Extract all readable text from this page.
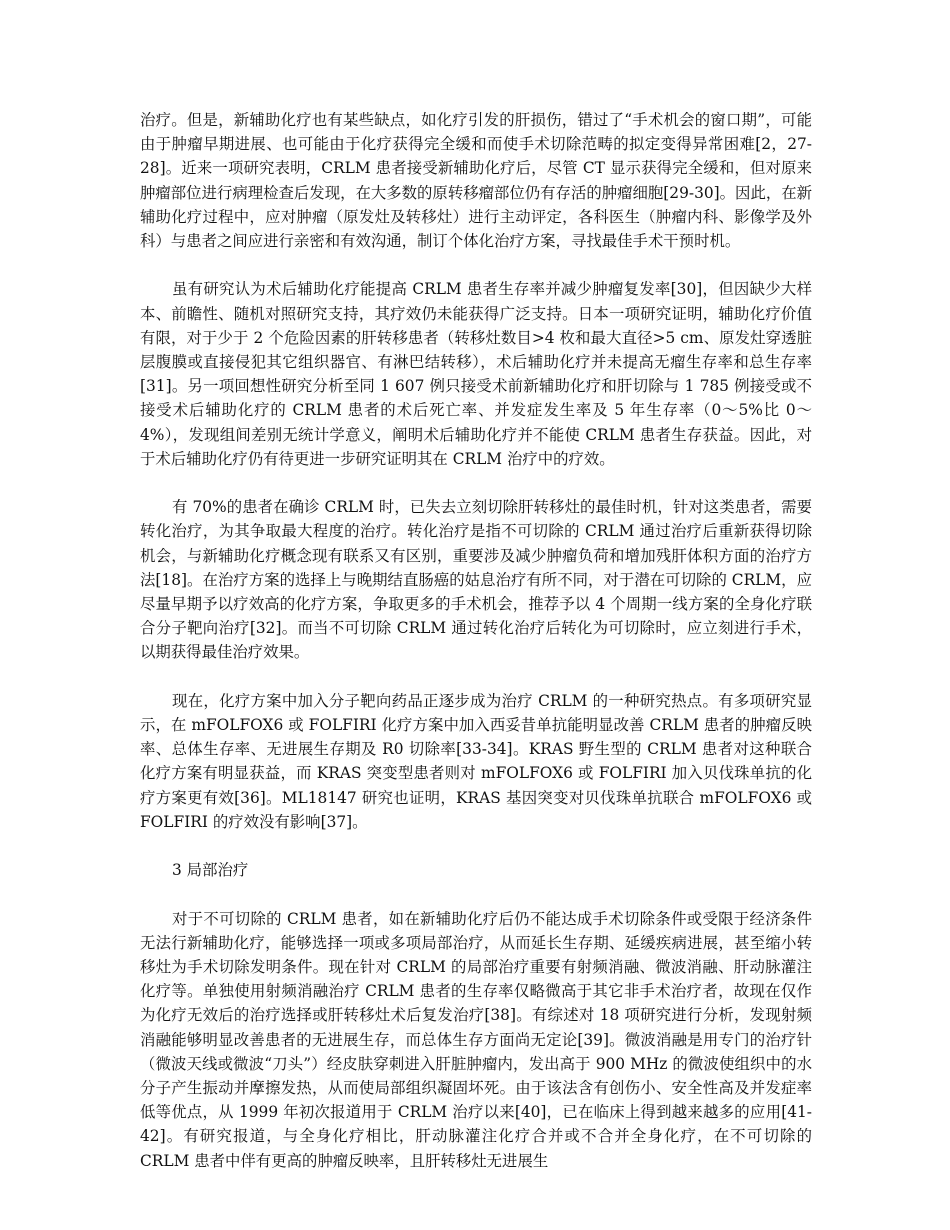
治疗。但是，新辅助化疗也有某些缺点，如化疗引发的肝损伤，错过了“手术机会的窗口期”，可能由于肿瘤早期进展、也可能由于化疗获得完全缓和而使手术切除范畴的拟定变得异常困难[2，27-28]。近来一项研究表明，CRLM 患者接受新辅助化疗后，尽管 CT 显示获得完全缓和，但对原来肿瘤部位进行病理检查后发现，在大多数的原转移瘤部位仍有存活的肿瘤细胞[29-30]。因此，在新辅助化疗过程中，应对肿瘤（原发灶及转移灶）进行主动评定，各科医生（肿瘤内科、影像学及外科）与患者之间应进行亲密和有效沟通，制订个体化治疗方案，寻找最佳手术干预时机。

虽有研究认为术后辅助化疗能提高 CRLM 患者生存率并减少肿瘤复发率[30]，但因缺少大样本、前瞻性、随机对照研究支持，其疗效仍未能获得广泛支持。日本一项研究证明，辅助化疗价值有限，对于少于 2 个危险因素的肝转移患者（转移灶数目>4 枚和最大直径>5 cm、原发灶穿透脏层腹膜或直接侵犯其它组织器官、有淋巴结转移），术后辅助化疗并未提高无瘤生存率和总生存率[31]。另一项回想性研究分析至同 1 607 例只接受术前新辅助化疗和肝切除与 1 785 例接受或不接受术后辅助化疗的 CRLM 患者的术后死亡率、并发症发生率及 5 年生存率（0～5%比 0～4%），发现组间差别无统计学意义，阐明术后辅助化疗并不能使 CRLM 患者生存获益。因此，对于术后辅助化疗仍有待更进一步研究证明其在 CRLM 治疗中的疗效。

有 70%的患者在确诊 CRLM 时，已失去立刻切除肝转移灶的最佳时机，针对这类患者，需要转化治疗，为其争取最大程度的治疗。转化治疗是指不可切除的 CRLM 通过治疗后重新获得切除机会，与新辅助化疗概念现有联系又有区别，重要涉及减少肿瘤负荷和增加残肝体积方面的治疗方法[18]。在治疗方案的选择上与晚期结直肠癌的姑息治疗有所不同，对于潜在可切除的 CRLM，应尽量早期予以疗效高的化疗方案，争取更多的手术机会，推荐予以 4 个周期一线方案的全身化疗联合分子靶向治疗[32]。而当不可切除 CRLM 通过转化治疗后转化为可切除时，应立刻进行手术，以期获得最佳治疗效果。

现在，化疗方案中加入分子靶向药品正逐步成为治疗 CRLM 的一种研究热点。有多项研究显示，在 mFOLFOX6 或 FOLFIRI 化疗方案中加入西妥昔单抗能明显改善 CRLM 患者的肿瘤反映率、总体生存率、无进展生存期及 R0 切除率[33-34]。KRAS 野生型的 CRLM 患者对这种联合化疗方案有明显获益，而 KRAS 突变型患者则对 mFOLFOX6 或 FOLFIRI 加入贝伐珠单抗的化疗方案更有效[36]。ML18147 研究也证明，KRAS 基因突变对贝伐珠单抗联合 mFOLFOX6 或 FOLFIRI 的疗效没有影响[37]。

3 局部治疗

对于不可切除的 CRLM 患者，如在新辅助化疗后仍不能达成手术切除条件或受限于经济条件无法行新辅助化疗，能够选择一项或多项局部治疗，从而延长生存期、延缓疾病进展，甚至缩小转移灶为手术切除发明条件。现在针对 CRLM 的局部治疗重要有射频消融、微波消融、肝动脉灌注化疗等。单独使用射频消融治疗 CRLM 患者的生存率仅略微高于其它非手术治疗者，故现在仅作为化疗无效后的治疗选择或肝转移灶术后复发治疗[38]。有综述对 18 项研究进行分析，发现射频消融能够明显改善患者的无进展生存，而总体生存方面尚无定论[39]。微波消融是用专门的治疗针（微波天线或微波“刀头”）经皮肤穿刺进入肝脏肿瘤内，发出高于 900 MHz 的微波使组织中的水分子产生振动并摩擦发热，从而使局部组织凝固坏死。由于该法含有创伤小、安全性高及并发症率低等优点，从 1999 年初次报道用于 CRLM 治疗以来[40]，已在临床上得到越来越多的应用[41-42]。有研究报道，与全身化疗相比，肝动脉灌注化疗合并或不合并全身化疗，在不可切除的 CRLM 患者中伴有更高的肿瘤反映率，且肝转移灶无进展生
